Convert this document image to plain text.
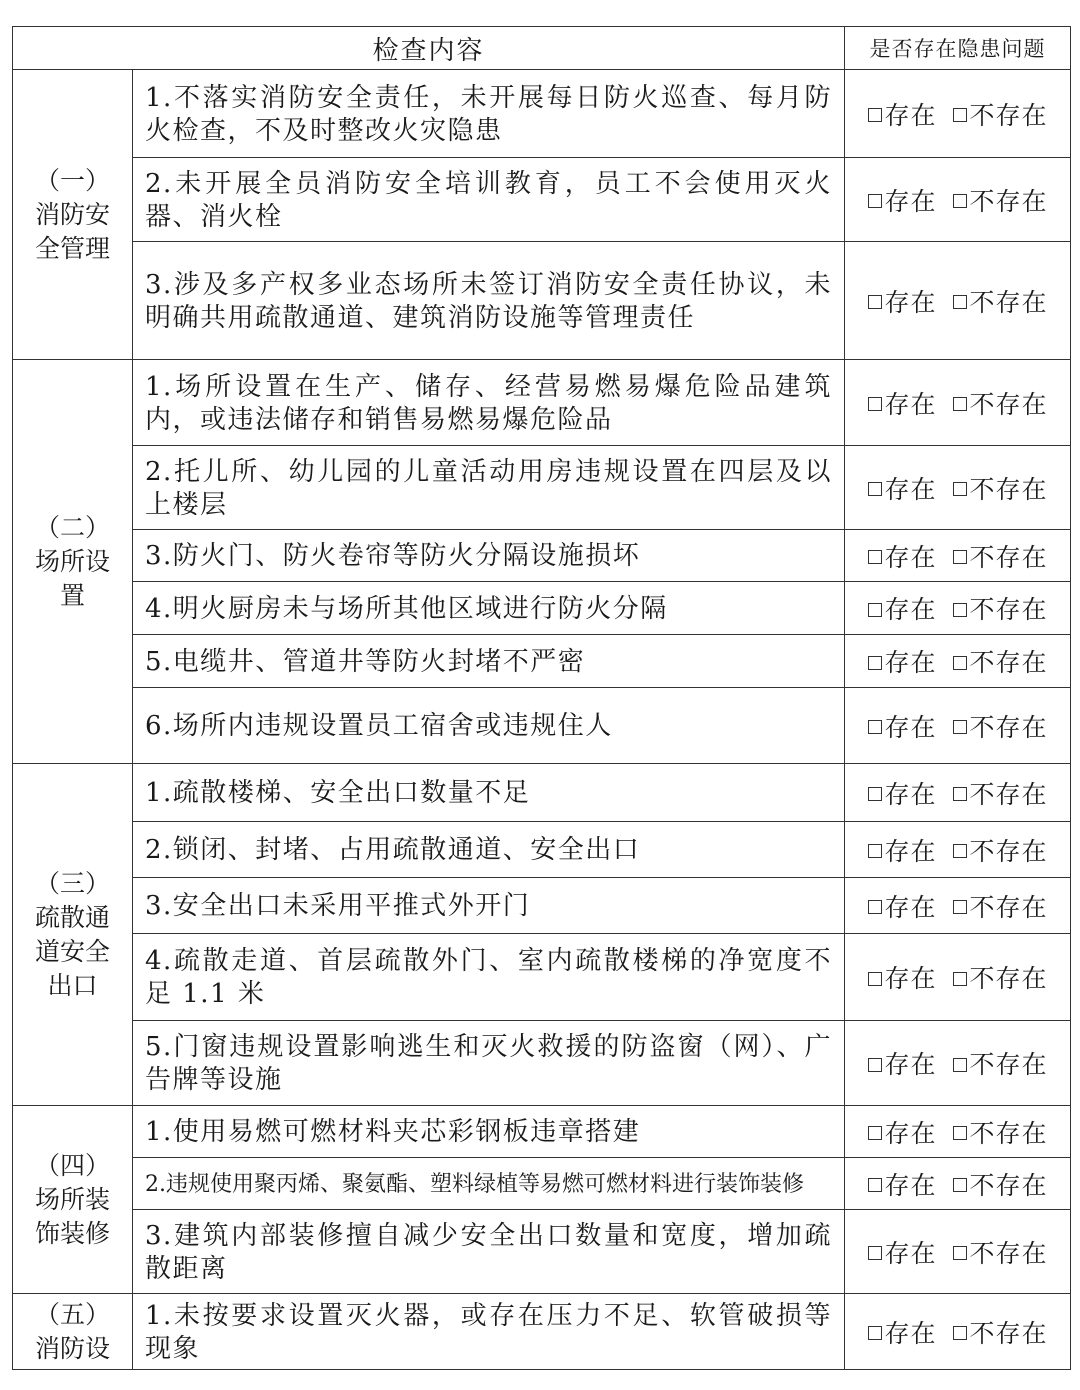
检查内容		是否存在隐患问题

（一）
消防安
全管理	1.不落实消防安全责任，未开展每日防火巡查、每月防火检查，不及时整改火灾隐患	存在 不存在
	2.未开展全员消防安全培训教育，员工不会使用灭火器、消火栓	存在 不存在
	3.涉及多产权多业态场所未签订消防安全责任协议，未明确共用疏散通道、建筑消防设施等管理责任	存在 不存在

（二）
场所设
置	1.场所设置在生产、储存、经营易燃易爆危险品建筑内，或违法储存和销售易燃易爆危险品	存在 不存在
	2.托儿所、幼儿园的儿童活动用房违规设置在四层及以上楼层	存在 不存在
	3.防火门、防火卷帘等防火分隔设施损坏	存在 不存在
	4.明火厨房未与场所其他区域进行防火分隔	存在 不存在
	5.电缆井、管道井等防火封堵不严密	存在 不存在
	6.场所内违规设置员工宿舍或违规住人	存在 不存在

（三）
疏散通
道安全
出口	1.疏散楼梯、安全出口数量不足	存在 不存在
	2.锁闭、封堵、占用疏散通道、安全出口	存在 不存在
	3.安全出口未采用平推式外开门	存在 不存在
	4.疏散走道、首层疏散外门、室内疏散楼梯的净宽度不足 1.1 米	存在 不存在
	5.门窗违规设置影响逃生和灭火救援的防盗窗（网）、广告牌等设施	存在 不存在

（四）
场所装
饰装修	1.使用易燃可燃材料夹芯彩钢板违章搭建	存在 不存在
	2.违规使用聚丙烯、聚氨酯、塑料绿植等易燃可燃材料进行装饰装修	存在 不存在
	3.建筑内部装修擅自减少安全出口数量和宽度，增加疏散距离	存在 不存在

（五）
消防设	1.未按要求设置灭火器，或存在压力不足、软管破损等现象	存在 不存在
